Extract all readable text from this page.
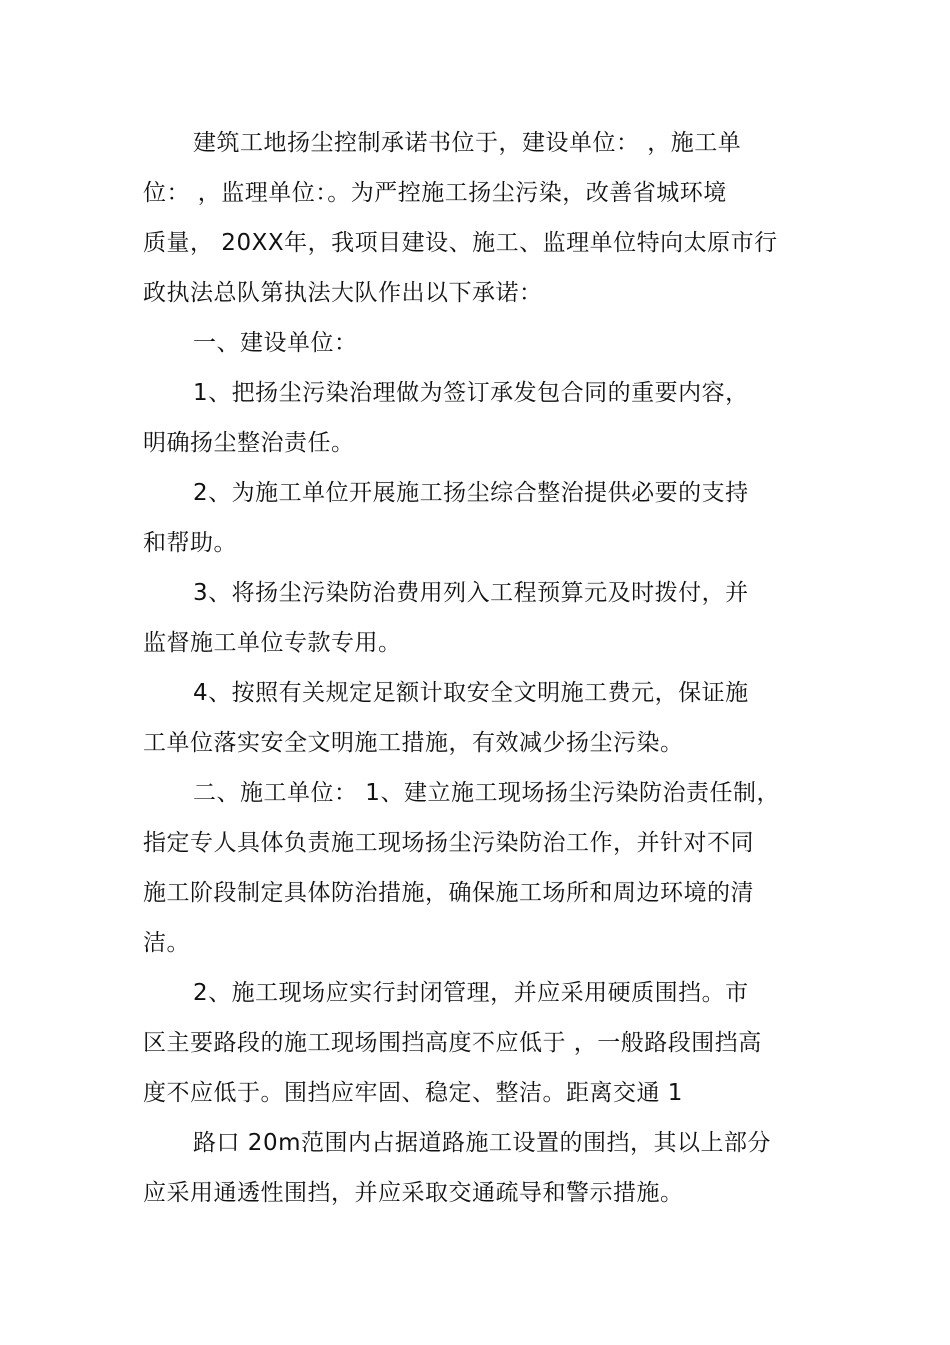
建筑工地扬尘控制承诺书位于，建设单位： ，施工单
位： ，监理单位：。为严控施工扬尘污染，改善省城环境
质量， 20XX年，我项目建设、施工、监理单位特向太原市行
政执法总队第执法大队作出以下承诺：
一、建设单位：
1、把扬尘污染治理做为签订承发包合同的重要内容，
明确扬尘整治责任。
2、为施工单位开展施工扬尘综合整治提供必要的支持
和帮助。
3、将扬尘污染防治费用列入工程预算元及时拨付，并
监督施工单位专款专用。
4、按照有关规定足额计取安全文明施工费元，保证施
工单位落实安全文明施工措施，有效减少扬尘污染。
二、施工单位： 1、建立施工现场扬尘污染防治责任制，
指定专人具体负责施工现场扬尘污染防治工作，并针对不同
施工阶段制定具体防治措施，确保施工场所和周边环境的清
洁。
2、施工现场应实行封闭管理，并应采用硬质围挡。市
区主要路段的施工现场围挡高度不应低于 ，一般路段围挡高
度不应低于。围挡应牢固、稳定、整洁。距离交通 1
路口 20m范围内占据道路施工设置的围挡，其以上部分
应采用通透性围挡，并应采取交通疏导和警示措施。
